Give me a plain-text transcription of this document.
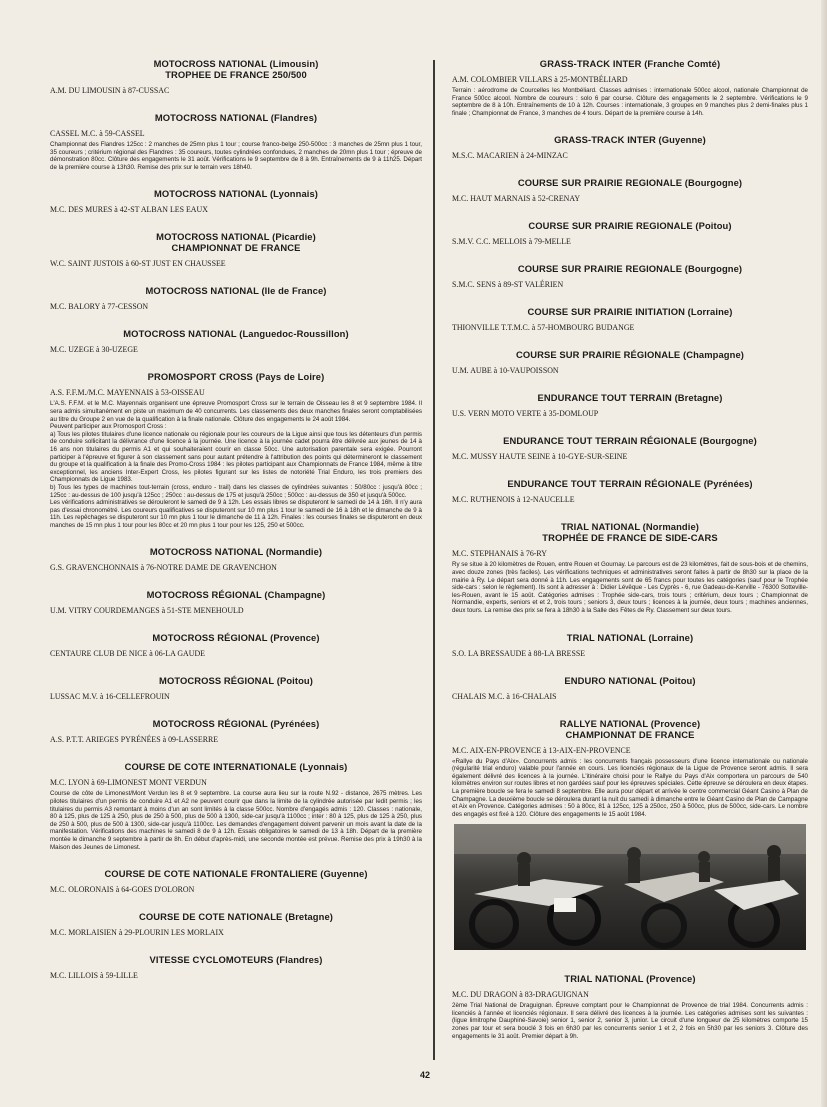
MOTOCROSS NATIONAL (Limousin)
TROPHEE DE FRANCE 250/500
A.M. DU LIMOUSIN à 87-CUSSAC
MOTOCROSS NATIONAL (Flandres)
CASSEL M.C. à 59-CASSEL
Championnat des Flandres 125cc : 2 manches de 25mn plus 1 tour ; course franco-belge 250-500cc : 3 manches de 25mn plus 1 tour, 35 coureurs ; critérium régional des Flandres : 35 coureurs, toutes cylindrées confondues, 2 manches de 20mn plus 1 tour ; épreuve de démonstration 80cc. Clôture des engagements le 31 août. Vérifications le 9 septembre de 8 à 9h. Entraînements de 9 à 11h25. Départ de la première course à 13h30. Remise des prix sur le terrain vers 18h40.
MOTOCROSS NATIONAL (Lyonnais)
M.C. DES MURES à 42-ST ALBAN LES EAUX
MOTOCROSS NATIONAL (Picardie)
CHAMPIONNAT DE FRANCE
W.C. SAINT JUSTOIS à 60-ST JUST EN CHAUSSEE
MOTOCROSS NATIONAL (Ile de France)
M.C. BALORY à 77-CESSON
MOTOCROSS NATIONAL (Languedoc-Roussillon)
M.C. UZEGE à 30-UZEGE
PROMOSPORT CROSS (Pays de Loire)
A.S. F.F.M./M.C. MAYENNAIS à 53-OISSEAU
L'A.S. F.F.M. et le M.C. Mayennais organisent une épreuve Promosport Cross sur le terrain de Oisseau les 8 et 9 septembre 1984. Il sera admis simultanément en piste un maximum de 40 concurrents. Les classements des deux manches finales seront comptabilisées au titre du Groupe 2 en vue de la qualification à la finale nationale. Clôture des engagements le 24 août 1984.
Peuvent participer aux Promosport Cross :
a) Tous les pilotes titulaires d'une licence nationale ou régionale pour les coureurs de la Ligue ainsi que tous les détenteurs d'un permis de conduire sollicitant la délivrance d'une licence à la journée. Une licence à la journée cadet pourra être délivrée aux jeunes de 14 à 16 ans non titulaires du permis A1 et qui souhaiteraient courir en classe 50cc. Une autorisation parentale sera exigée. Pourront participer à l'épreuve et figurer à son classement sans pour autant prétendre à l'attribution des points qui détermineront le classement du groupe et la qualification à la finale des Promo-Cross 1984 : les pilotes participant aux Championnats de France 1984, même à titre exceptionnel, les anciens Inter-Expert Cross, les pilotes figurant sur les listes de notoriété Trial Enduro, les trois premiers des Championnats de Ligue 1983.
b) Tous les types de machines tout-terrain (cross, enduro - trail) dans les classes de cylindrées suivantes : 50/80cc : jusqu'à 80cc ; 125cc : au-dessus de 100 jusqu'à 125cc ; 250cc : au-dessus de 175 et jusqu'à 250cc ; 500cc : au-dessus de 350 et jusqu'à 500cc.
Les vérifications administratives se dérouleront le samedi de 9 à 12h. Les essais libres se disputeront le samedi de 14 à 16h. Il n'y aura pas d'essai chronométré. Les coureurs qualificatives se disputeront sur 10 mn plus 1 tour le samedi de 16 à 18h et le dimanche de 9 à 11h. Les repêchages se disputeront sur 10 mn plus 1 tour le dimanche de 11 à 12h. Finales : les courses finales se disputeront en deux manches de 15 mn plus 1 tour pour les 80cc et 20 mn plus 1 tour pour les 125, 250 et 500cc.
MOTOCROSS NATIONAL (Normandie)
G.S. GRAVENCHONNAIS à 76-NOTRE DAME DE GRAVENCHON
MOTOCROSS RÉGIONAL (Champagne)
U.M. VITRY COURDEMANGES à 51-STE MENEHOULD
MOTOCROSS RÉGIONAL (Provence)
CENTAURE CLUB DE NICE à 06-LA GAUDE
MOTOCROSS RÉGIONAL (Poitou)
LUSSAC M.V. à 16-CELLEFROUIN
MOTOCROSS RÉGIONAL (Pyrénées)
A.S. P.T.T. ARIEGES PYRÉNÉES à 09-LASSERRE
COURSE DE COTE INTERNATIONALE (Lyonnais)
M.C. LYON à 69-LIMONEST MONT VERDUN
Course de côte de Limonest/Mont Verdun les 8 et 9 septembre. La course aura lieu sur la route N.92 - distance, 2675 mètres. Les pilotes titulaires d'un permis de conduire A1 et A2 ne peuvent courir que dans la limite de la cylindrée autorisée par ledit permis ; les titulaires du permis A3 remontant à moins d'un an sont limités à la classe 500cc. Nombre d'engagés admis : 120. Classes : nationale, 80 à 125, plus de 125 à 250, plus de 250 à 500, plus de 500 à 1300, side-car jusqu'à 1100cc ; inter : 80 à 125, plus de 125 à 250, plus de 250 à 500, plus de 500 à 1300, side-car jusqu'à 1100cc. Les demandes d'engagement doivent parvenir un mois avant la date de la manifestation. Vérifications des machines le samedi 8 de 9 à 12h. Essais obligatoires le samedi de 13 à 18h. Départ de la première montée le dimanche 9 septembre à partir de 8h. En début d'après-midi, une seconde montée est prévue. Remise des prix à 19h30 à la Maison des Jeunes de Limonest.
COURSE DE COTE NATIONALE FRONTALIERE (Guyenne)
M.C. OLORONAIS à 64-GOES D'OLORON
COURSE DE COTE NATIONALE (Bretagne)
M.C. MORLAISIEN à 29-PLOURIN LES MORLAIX
VITESSE CYCLOMOTEURS (Flandres)
M.C. LILLOIS à 59-LILLE
GRASS-TRACK INTER (Franche Comté)
A.M. COLOMBIER VILLARS à 25-MONTBÉLIARD
Terrain : aérodrome de Courcelles les Montbéliard. Classes admises : internationale 500cc alcool, nationale Championnat de France 500cc alcool. Nombre de coureurs : solo 6 par course. Clôture des engagements le 2 septembre. Vérifications le 9 septembre de 8 à 10h. Entraînements de 10 à 12h. Courses : internationale, 3 groupes en 9 manches plus 2 demi-finales plus 1 finale ; Championnat de France, 3 manches de 4 tours. Départ de la première course à 14h.
GRASS-TRACK INTER (Guyenne)
M.S.C. MACARIEN à 24-MINZAC
COURSE SUR PRAIRIE REGIONALE (Bourgogne)
M.C. HAUT MARNAIS à 52-CRENAY
COURSE SUR PRAIRIE REGIONALE (Poitou)
S.M.V. C.C. MELLOIS à 79-MELLE
COURSE SUR PRAIRIE REGIONALE (Bourgogne)
S.M.C. SENS à 89-ST VALÉRIEN
COURSE SUR PRAIRIE INITIATION (Lorraine)
THIONVILLE T.T.M.C. à 57-HOMBOURG BUDANGE
COURSE SUR PRAIRIE RÉGIONALE (Champagne)
U.M. AUBE à 10-VAUPOISSON
ENDURANCE TOUT TERRAIN (Bretagne)
U.S. VERN MOTO VERTE à 35-DOMLOUP
ENDURANCE TOUT TERRAIN RÉGIONALE (Bourgogne)
M.C. MUSSY HAUTE SEINE à 10-GYE-SUR-SEINE
ENDURANCE TOUT TERRAIN RÉGIONALE (Pyrénées)
M.C. RUTHENOIS à 12-NAUCELLE
TRIAL NATIONAL (Normandie)
TROPHÉE DE FRANCE DE SIDE-CARS
M.C. STEPHANAIS à 76-RY
Ry se situe à 20 kilomètres de Rouen, entre Rouen et Gournay. Le parcours est de 23 kilomètres, fait de sous-bois et de chemins, avec douze zones (très faciles). Les vérifications techniques et administratives seront faites à partir de 8h30 sur la place de la mairie à Ry. Le départ sera donné à 11h. Les engagements sont de 65 francs pour toutes les catégories (sauf pour le Trophée side-cars : selon le règlement). Ils sont à adresser à : Didier Lévêque - Les Cyprès - 6, rue Gadeau-de-Kerville - 76300 Sotteville-les-Rouen, avant le 15 août. Catégories admises : Trophée side-cars, trois tours ; critérium, deux tours ; Championnat de Normandie, experts, seniors et et 2, trois tours ; seniors 3, deux tours ; licences à la journée, deux tours ; machines anciennes, deux tours. La remise des prix se fera à 18h30 à la Salle des Fêtes de Ry. Classement sur deux tours.
TRIAL NATIONAL (Lorraine)
S.O. LA BRESSAUDE à 88-LA BRESSE
ENDURO NATIONAL (Poitou)
CHALAIS M.C. à 16-CHALAIS
RALLYE NATIONAL (Provence)
CHAMPIONNAT DE FRANCE
M.C. AIX-EN-PROVENCE à 13-AIX-EN-PROVENCE
«Rallye du Pays d'Aix». Concurrents admis : les concurrents français possesseurs d'une licence internationale ou nationale (régularité trial enduro) valable pour l'année en cours. Les licenciés régionaux de la Ligue de Provence seront admis. Il sera également délivré des licences à la journée. L'itinéraire choisi pour le Rallye du Pays d'Aix comportera un parcours de 540 kilomètres environ sur routes libres et non gardées sauf pour les épreuves spéciales. Cette épreuve se déroulera en deux étapes. La première boucle se fera le samedi 8 septembre. Elle aura pour départ et arrivée le centre commercial Géant Casino à Plan de Champagne. La deuxième boucle se déroulera durant la nuit du samedi à dimanche entre le Géant Casino de Plan de Campagne et Aix en Provence. Catégories admises : 50 à 80cc, 81 à 125cc, 125 à 250cc, 250 à 500cc, plus de 500cc, side-cars. Le nombre des engagés est fixé à 120. Clôture des engagements le 15 août 1984.
TRIAL NATIONAL (Provence)
M.C. DU DRAGON à 83-DRAGUIGNAN
2ème Trial National de Draguignan. Épreuve comptant pour le Championnat de Provence de trial 1984. Concurrents admis : licenciés à l'année et licenciés régionaux. Il sera délivré des licences à la journée. Les catégories admises sont les suivantes : (ligue limitrophe Dauphiné-Savoie) senior 1, senior 2, senior 3, junior. Le circuit d'une longueur de 25 kilomètres comporte 15 zones par tour et sera bouclé 3 fois en 6h30 par les concurrents senior 1 et 2, 2 fois en 5h30 par les seniors 3. Clôture des engagements le 31 août. Premier départ à 9h.
42
